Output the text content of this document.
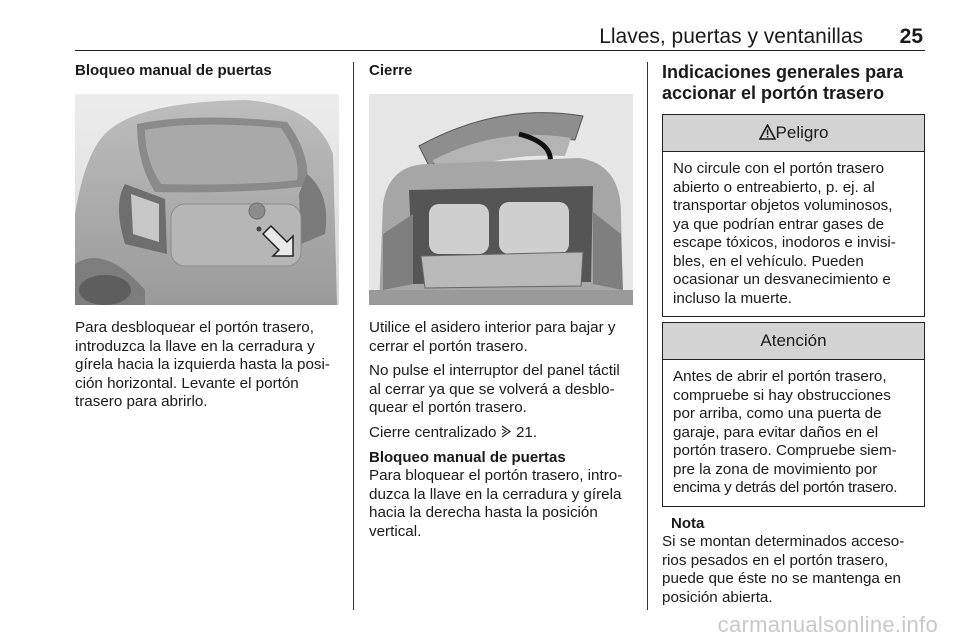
Llaves, puertas y ventanillas 25
Bloqueo manual de puertas

Para desbloquear el portón trasero,

introduzca la llave en la cerradura y

gírela hacia la izquierda hasta la posi-

ción horizontal. Levante el portón

trasero para abrirlo.

Cierre

Utilice el asidero interior para bajar y

cerrar el portón trasero.

No pulse el interruptor del panel táctil

al cerrar ya que se volverá a desblo-

quear el portón trasero.

Cierre centralizado 21.

Bloqueo manual de puertas

Para bloquear el portón trasero, intro-

duzca la llave en la cerradura y gírela

hacia la derecha hasta la posición

vertical.

Indicaciones generales para
accionar el portón trasero
Peligro
No circule con el portón trasero
abierto o entreabierto, p. ej. al
transportar objetos voluminosos,
ya que podrían entrar gases de
escape tóxicos, inodoros e invisi-
bles, en el vehículo. Pueden
ocasionar un desvanecimiento e
incluso la muerte.
Atención
Antes de abrir el portón trasero,
compruebe si hay obstrucciones
por arriba, como una puerta de
garaje, para evitar daños en el
portón trasero. Compruebe siem-
pre la zona de movimiento por
encima y detrás del portón trasero.
Nota

Si se montan determinados acceso-

rios pesados en el portón trasero,

puede que éste no se mantenga en

posición abierta.

carmanualsonline.info
